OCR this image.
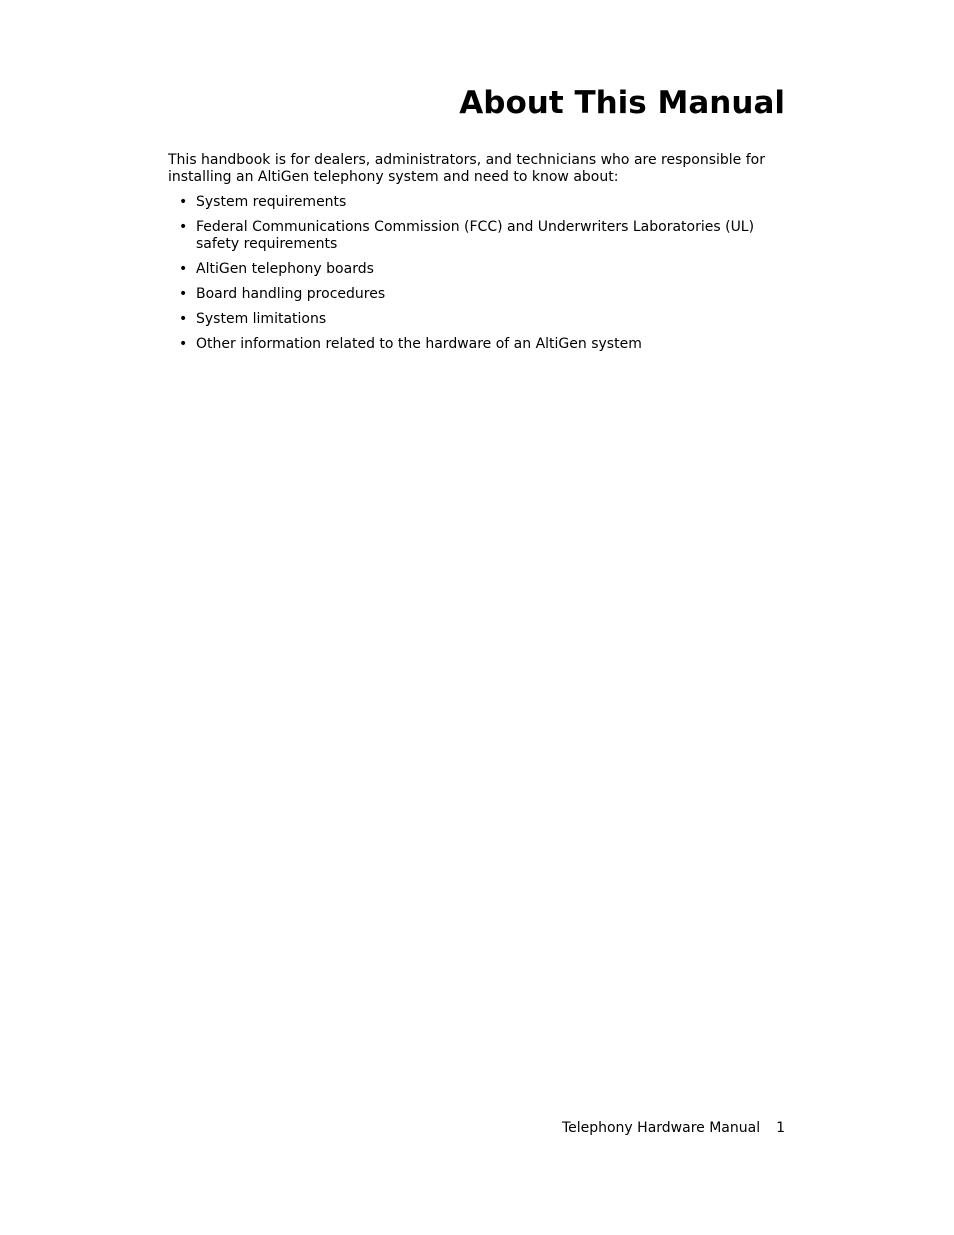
About This Manual

This handbook is for dealers, administrators, and technicians who are responsible for installing an AltiGen telephony system and need to know about:

• System requirements
• Federal Communications Commission (FCC) and Underwriters Laboratories (UL) safety requirements
• AltiGen telephony boards
• Board handling procedures
• System limitations
• Other information related to the hardware of an AltiGen system
Telephony Hardware Manual 1
